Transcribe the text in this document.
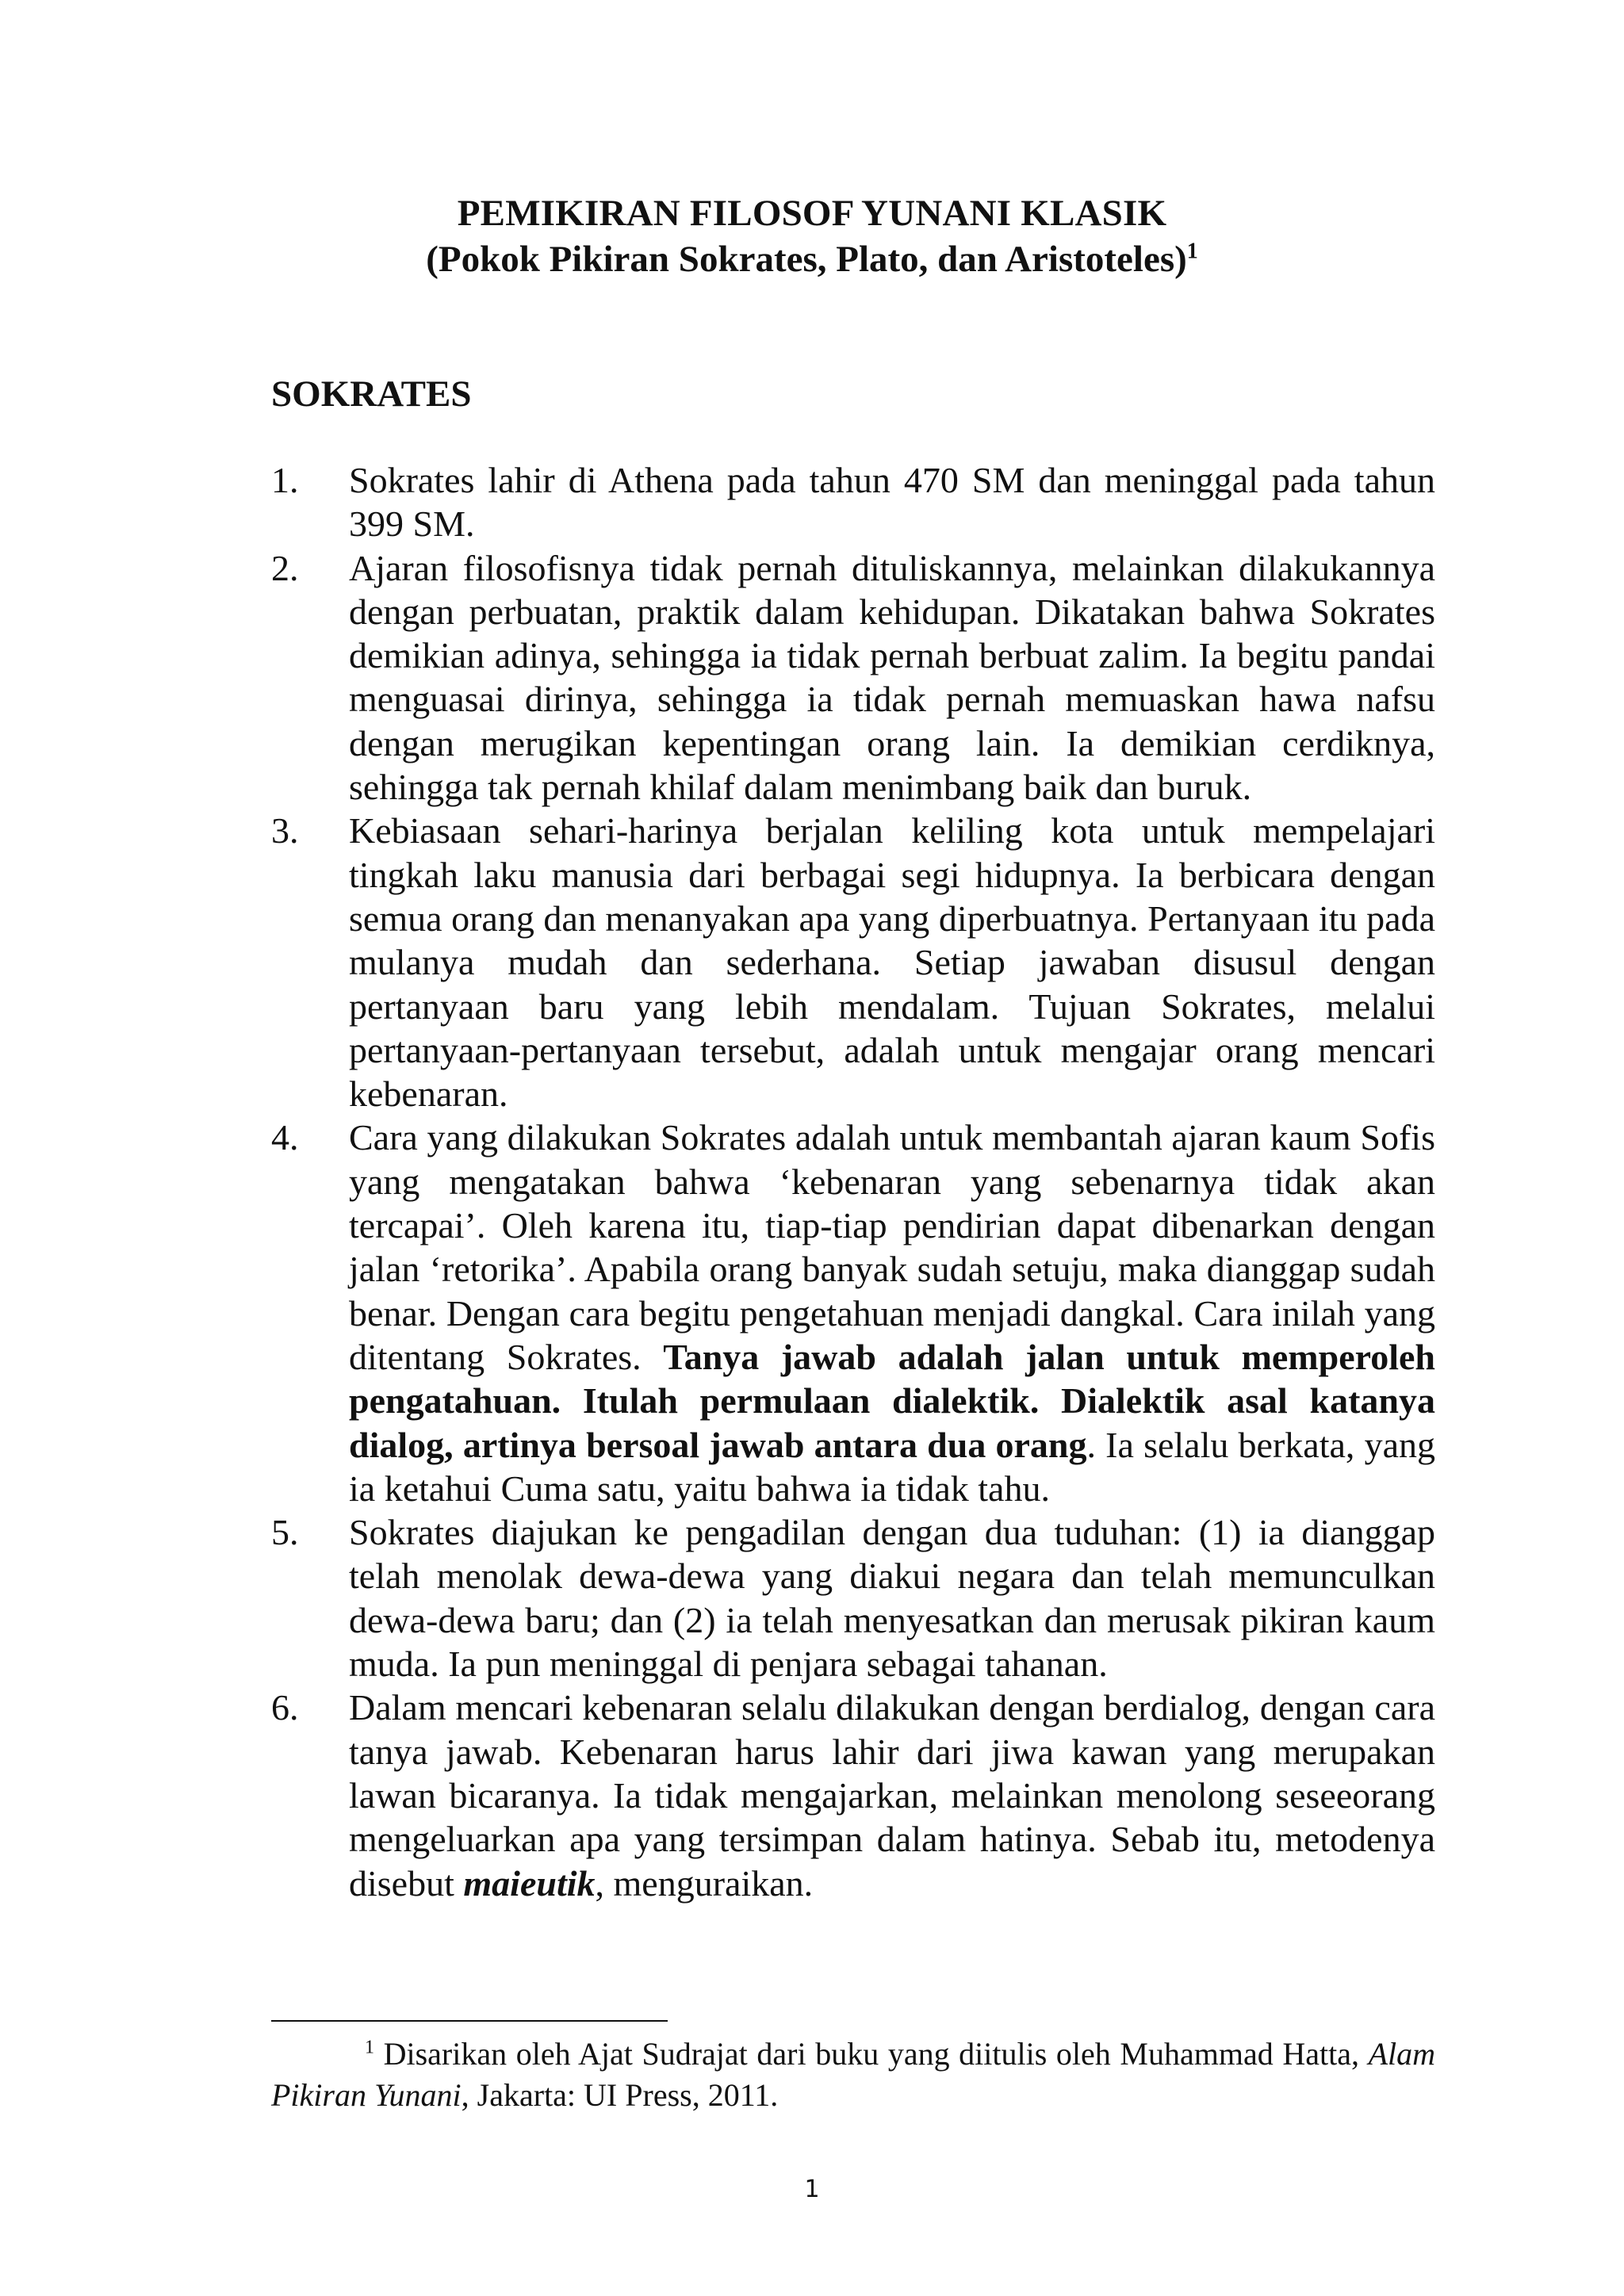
PEMIKIRAN FILOSOF YUNANI KLASIK
(Pokok Pikiran Sokrates, Plato, dan Aristoteles)$^1$
SOKRATES
1. Sokrates lahir di Athena pada tahun 470 SM dan meninggal pada tahun 399 SM.
2. Ajaran filosofisnya tidak pernah dituliskannya, melainkan dilakukannya dengan perbuatan, praktik dalam kehidupan. Dikatakan bahwa Sokrates demikian adinya, sehingga ia tidak pernah berbuat zalim. Ia begitu pandai menguasai dirinya, sehingga ia tidak pernah memuaskan hawa nafsu dengan merugikan kepentingan orang lain. Ia demikian cerdiknya, sehingga tak pernah khilaf dalam menimbang baik dan buruk.
3. Kebiasaan sehari-harinya berjalan keliling kota untuk mempelajari tingkah laku manusia dari berbagai segi hidupnya. Ia berbicara dengan semua orang dan menanyakan apa yang diperbuatnya. Pertanyaan itu pada mulanya mudah dan sederhana. Setiap jawaban disusul dengan pertanyaan baru yang lebih mendalam. Tujuan Sokrates, melalui pertanyaan-pertanyaan tersebut, adalah untuk mengajar orang mencari kebenaran.
4. Cara yang dilakukan Sokrates adalah untuk membantah ajaran kaum Sofis yang mengatakan bahwa ‘kebenaran yang sebenarnya tidak akan tercapai’. Oleh karena itu, tiap-tiap pendirian dapat dibenarkan dengan jalan ‘retorika’. Apabila orang banyak sudah setuju, maka dianggap sudah benar. Dengan cara begitu pengetahuan menjadi dangkal. Cara inilah yang ditentang Sokrates. Tanya jawab adalah jalan untuk memperoleh pengatahuan. Itulah permulaan dialektik. Dialektik asal katanya dialog, artinya bersoal jawab antara dua orang. Ia selalu berkata, yang ia ketahui Cuma satu, yaitu bahwa ia tidak tahu.
5. Sokrates diajukan ke pengadilan dengan dua tuduhan: (1) ia dianggap telah menolak dewa-dewa yang diakui negara dan telah memunculkan dewa-dewa baru; dan (2) ia telah menyesatkan dan merusak pikiran kaum muda. Ia pun meninggal di penjara sebagai tahanan.
6. Dalam mencari kebenaran selalu dilakukan dengan berdialog, dengan cara tanya jawab. Kebenaran harus lahir dari jiwa kawan yang merupakan lawan bicaranya. Ia tidak mengajarkan, melainkan menolong seseeorang mengeluarkan apa yang tersimpan dalam hatinya. Sebab itu, metodenya disebut maieutik, menguraikan.
$^1$ Disarikan oleh Ajat Sudrajat dari buku yang diitulis oleh Muhammad Hatta, Alam Pikiran Yunani, Jakarta: UI Press, 2011.
1
